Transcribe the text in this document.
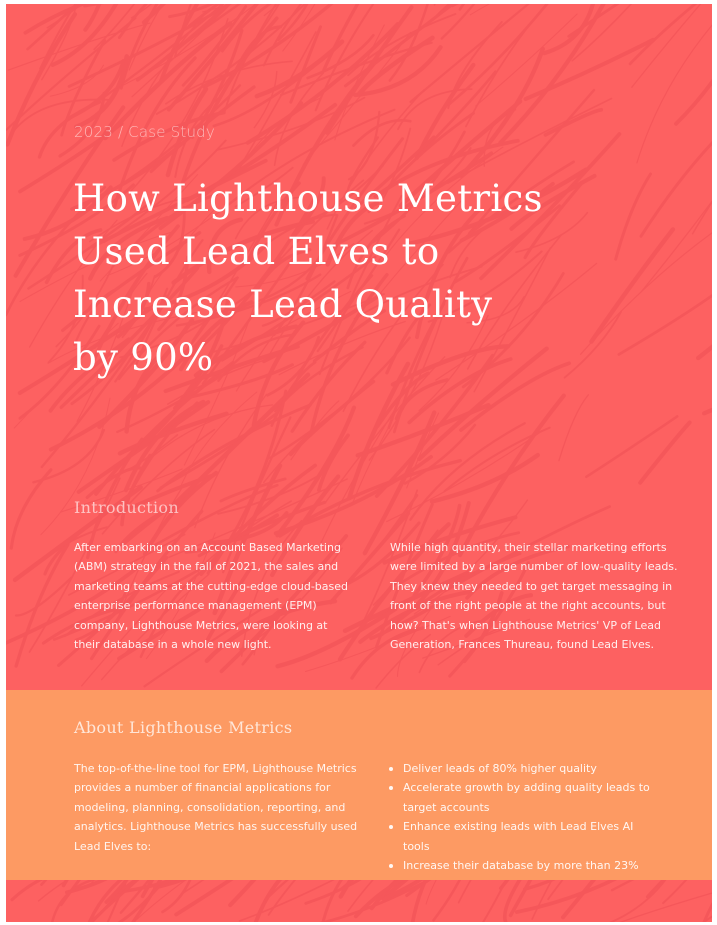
2023 / Case Study

How Lighthouse Metrics Used Lead Elves to Increase Lead Quality by 90%
Introduction

After embarking on an Account Based Marketing (ABM) strategy in the fall of 2021, the sales and marketing teams at the cutting-edge cloud-based enterprise performance management (EPM) company, Lighthouse Metrics, were looking at their database in a whole new light.

While high quantity, their stellar marketing efforts were limited by a large number of low-quality leads. They knew they needed to get target messaging in front of the right people at the right accounts, but how? That's when Lighthouse Metrics' VP of Lead Generation, Frances Thureau, found Lead Elves.

About Lighthouse Metrics

The top-of-the-line tool for EPM, Lighthouse Metrics provides a number of financial applications for modeling, planning, consolidation, reporting, and analytics. Lighthouse Metrics has successfully used Lead Elves to:

Deliver leads of 80% higher quality
Accelerate growth by adding quality leads to target accounts
Enhance existing leads with Lead Elves AI tools
Increase their database by more than 23%
